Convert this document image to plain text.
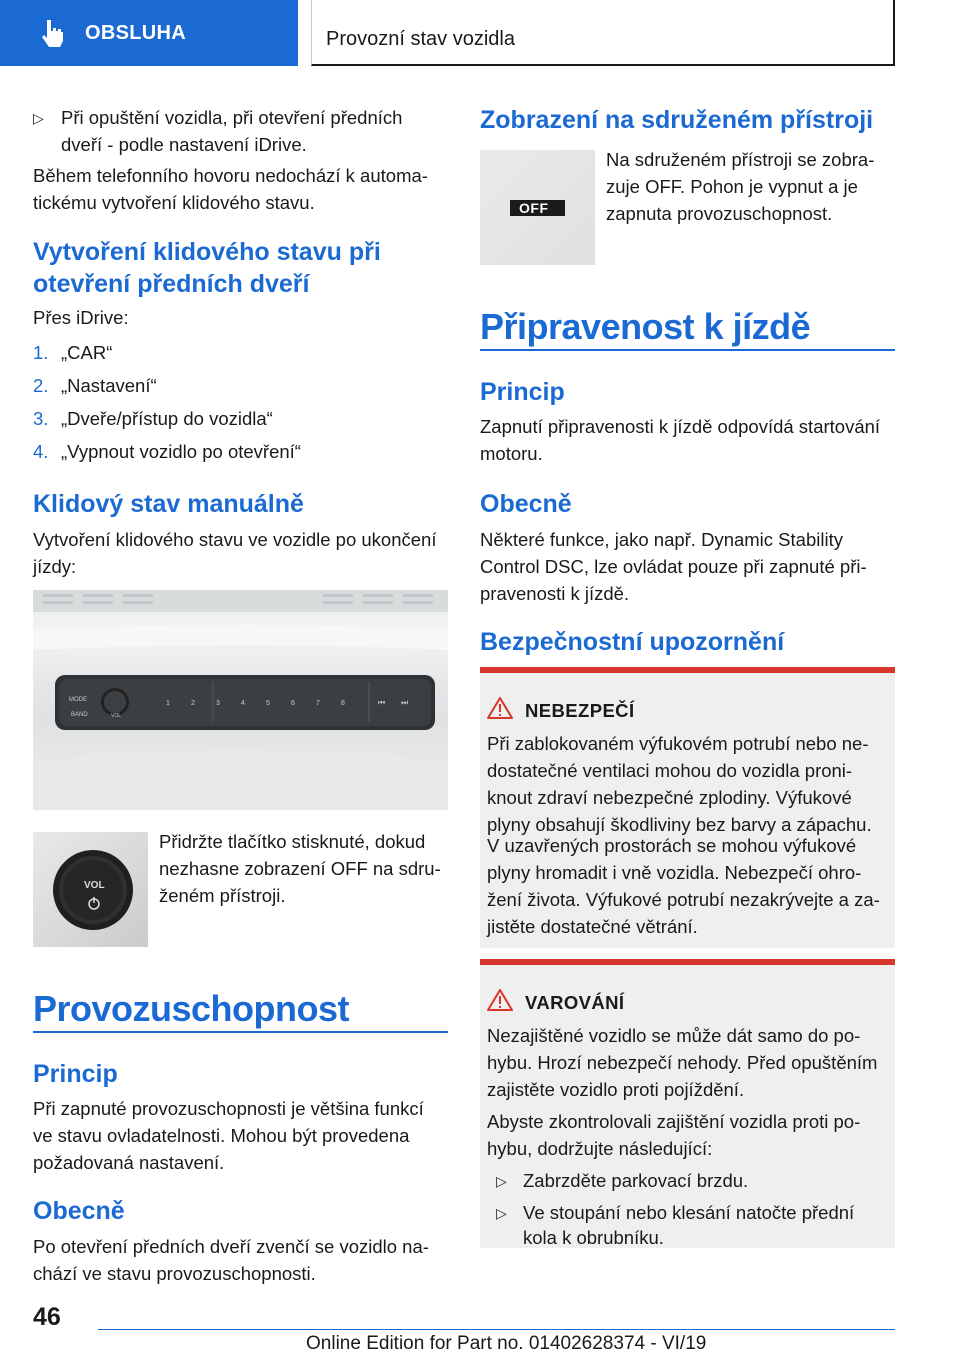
OBSLUHA	Provozní stav vozidla
▷ Při opuštění vozidla, při otevření předních

dveří - podle nastavení iDrive.

Během telefonního hovoru nedochází k automa‐

tickému vytvoření klidového stavu.

Vytvoření klidového stavu při
otevření předních dveří

Přes iDrive:

1. „CAR“
2. „Nastavení“
3. „Dveře/přístup do vozidla“
4. „Vypnout vozidlo po otevření“
Klidový stav manuálně

Vytvoření klidového stavu ve vozidle po ukončení

jízdy:

MODE
BAND	VOL
1	2	3	4	5	6	7	8	⏮ ⏭
VOL

Přidržte tlačítko stisknuté, dokud

nezhasne zobrazení OFF na sdru‐

ženém přístroji.

Provozuschopnost
Princip

Při zapnuté provozuschopnosti je většina funkcí

ve stavu ovladatelnosti. Mohou být provedena

požadovaná nastavení.

Obecně

Po otevření předních dveří zvenčí se vozidlo na‐

chází ve stavu provozuschopnosti.

Zobrazení na sdruženém přístroji
OFF

Na sdruženém přístroji se zobra‐

zuje OFF. Pohon je vypnut a je

zapnuta provozuschopnost.

Připravenost k jízdě
Princip

Zapnutí připravenosti k jízdě odpovídá startování

motoru.

Obecně

Některé funkce, jako např. Dynamic Stability

Control DSC, lze ovládat pouze při zapnuté při‐

pravenosti k jízdě.

Bezpečnostní upozornění
NEBEZPEČÍ

Při zablokovaném výfukovém potrubí nebo ne‐

dostatečné ventilaci mohou do vozidla proni‐

knout zdraví nebezpečné zplodiny. Výfukové

plyny obsahují škodliviny bez barvy a zápachu.

V uzavřených prostorách se mohou výfukové

plyny hromadit i vně vozidla. Nebezpečí ohro‐

žení života. Výfukové potrubí nezakrývejte a za‐

jistěte dostatečné větrání.

VAROVÁNÍ

Nezajištěné vozidlo se může dát samo do po‐

hybu. Hrozí nebezpečí nehody. Před opuštěním

zajistěte vozidlo proti pojíždění.

Abyste zkontrolovali zajištění vozidla proti po‐

hybu, dodržujte následující:

▷ Zabrzděte parkovací brzdu.

▷ Ve stoupání nebo klesání natočte přední

kola k obrubníku.

46
Online Edition for Part no. 01402628374 - VI/19
